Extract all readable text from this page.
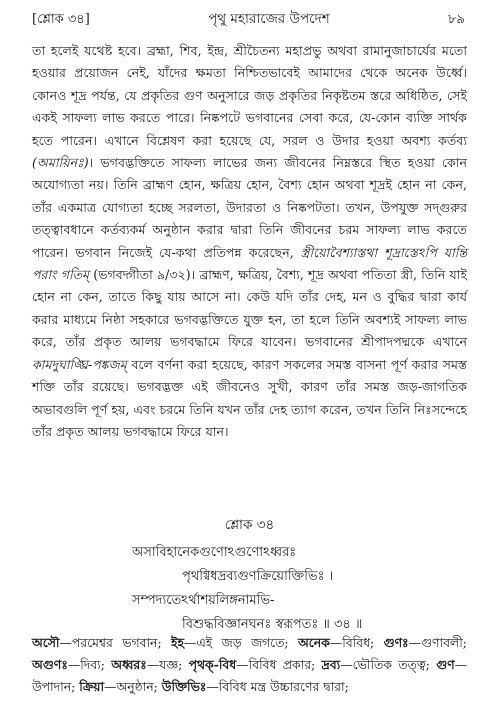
[শ্লোক ৩৪]	পৃথু মহারাজের উপদেশ	৮৯

তা হলেই যথেষ্ট হবে। ব্রহ্মা, শিব, ইন্দ্র, শ্রীচৈতন্য মহাপ্রভু অথবা রামানুজাচার্যের মতো হওয়ার প্রয়োজন নেই, যাঁদের ক্ষমতা নিশ্চিতভাবেই আমাদের থেকে অনেক উর্ধ্বে। কোনও শূদ্র পর্যন্ত, যে প্রকৃতির গুণ অনুসারে জড় প্রকৃতির নিকৃষ্টতম স্তরে অধিষ্ঠিত, সেই একই সাফল্য লাভ করতে পারে। নিষ্কপটে ভগবানের সেবা করে, যে-কোন ব্যক্তি সার্থক হতে পারেন। এখানে বিশ্লেষণ করা হয়েছে যে, সরল ও উদার হওয়া অবশ্য কর্তব্য (অমায়িনঃ)। ভগবদ্ভক্তিতে সাফল্য লাভের জন্য জীবনের নিম্নস্তরে স্থিত হওয়া কোন অযোগ্যতা নয়। তিনি ব্রাহ্মণ হোন, ক্ষত্রিয় হোন, বৈশ্য হোন অথবা শূদ্রই হোন না কেন, তাঁর একমাত্র যোগ্যতা হচ্ছে সরলতা, উদারতা ও নিষ্কপটতা। তখন, উপযুক্ত সদ্গুরুর তত্ত্বাবধানে কর্তব্যকর্ম অনুষ্ঠান করার দ্বারা তিনি জীবনের চরম সাফল্য লাভ করতে পারেন। ভগবান নিজেই যে-কথা প্রতিপন্ন করেছেন, স্ত্রীয়োবৈশ্যাস্তথা শূদ্রাস্তেঽপি যান্তি পরাং গতিম্ (ভগবদ্গীতা ৯/৩২)। ব্রাহ্মণ, ক্ষত্রিয়, বৈশ্য, শূদ্র অথবা পতিতা স্ত্রী, তিনি যাই হোন না কেন, তাতে কিছু যায় আসে না। কেউ যদি তাঁর দেহ, মন ও বুদ্ধির দ্বারা কার্য করার মাধ্যমে নিষ্ঠা সহকারে ভগবদ্ভক্তিতে যুক্ত হন, তা হলে তিনি অবশ্যই সাফল্য লাভ করে, তাঁর প্রকৃত আলয় ভগবদ্ধামে ফিরে যাবেন। ভগবানের শ্রীপাদপদ্মকে এখানে কামদুঘাঙ্ঘ্রি-পঙ্কজম্ বলে বর্ণনা করা হয়েছে, কারণ সকলের সমস্ত বাসনা পূর্ণ করার সমস্ত শক্তি তাঁর রয়েছে। ভগবদ্ভক্ত এই জীবনেও সুখী, কারণ তাঁর সমস্ত জড়-জাগতিক অভাবগুলি পূর্ণ হয়, এবং চরমে তিনি যখন তাঁর দেহ ত্যাগ করেন, তখন তিনি নিঃসন্দেহে তাঁর প্রকৃত আলয় ভগবদ্ধামে ফিরে যান।

শ্লোক ৩৪
অসাবিহানেকগুণোঽগুণোঽধ্বরঃ
পৃথগ্বিধদ্রব্যগুণক্রিয়োক্তিভিঃ ।
সম্পদ্যতেঽর্থাশয়লিঙ্গনামভি-
বিশুদ্ধবিজ্ঞানঘনঃ স্বরূপতঃ ॥ ৩৪ ॥
অসৌ—পরমেশ্বর ভগবান; ইহ—এই জড় জগতে; অনেক—বিবিধ; গুণঃ—গুণাবলী; অগুণঃ—দিব্য; অধ্বরঃ—যজ্ঞ; পৃথক্-বিধ—বিবিধ প্রকার; দ্রব্য—ভৌতিক তত্ত্ব; গুণ—উপাদান; ক্রিয়া—অনুষ্ঠান; উক্তিভিঃ—বিবিধ মন্ত্র উচ্চারণের দ্বারা;
